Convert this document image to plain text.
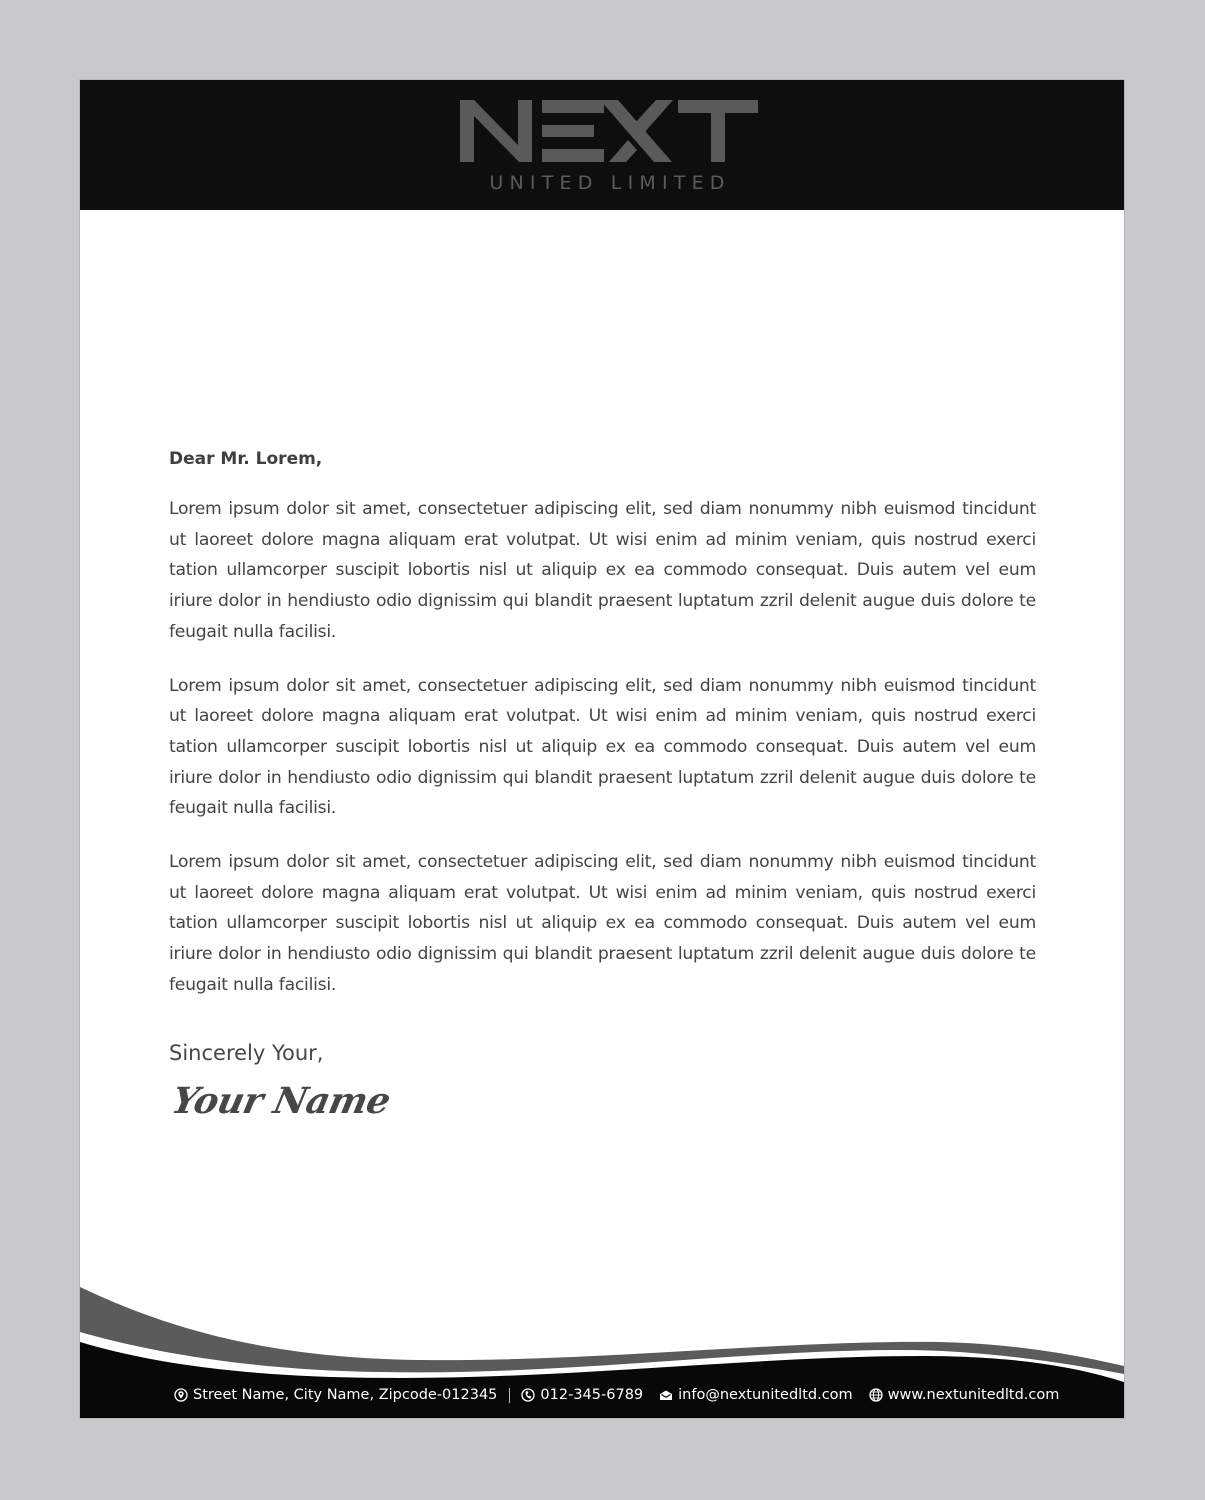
UNITED LIMITED

Dear Mr. Lorem,

Lorem ipsum dolor sit amet, consectetuer adipiscing elit, sed diam nonummy nibh euismod tincidunt ut laoreet dolore magna aliquam erat volutpat. Ut wisi enim ad minim veniam, quis nostrud exerci tation ullamcorper suscipit lobortis nisl ut aliquip ex ea commodo consequat. Duis autem vel eum iriure dolor in hendiusto odio dignissim qui blandit praesent luptatum zzril delenit augue duis dolore te feugait nulla facilisi.

Lorem ipsum dolor sit amet, consectetuer adipiscing elit, sed diam nonummy nibh euismod tincidunt ut laoreet dolore magna aliquam erat volutpat. Ut wisi enim ad minim veniam, quis nostrud exerci tation ullamcorper suscipit lobortis nisl ut aliquip ex ea commodo consequat. Duis autem vel eum iriure dolor in hendiusto odio dignissim qui blandit praesent luptatum zzril delenit augue duis dolore te feugait nulla facilisi.

Lorem ipsum dolor sit amet, consectetuer adipiscing elit, sed diam nonummy nibh euismod tincidunt ut laoreet dolore magna aliquam erat volutpat. Ut wisi enim ad minim veniam, quis nostrud exerci tation ullamcorper suscipit lobortis nisl ut aliquip ex ea commodo consequat. Duis autem vel eum iriure dolor in hendiusto odio dignissim qui blandit praesent luptatum zzril delenit augue duis dolore te feugait nulla facilisi.

Sincerely Your,
Your Name
Street Name, City Name, Zipcode-012345	012-345-6789 info@nextunitedltd.com www.nextunitedltd.com
